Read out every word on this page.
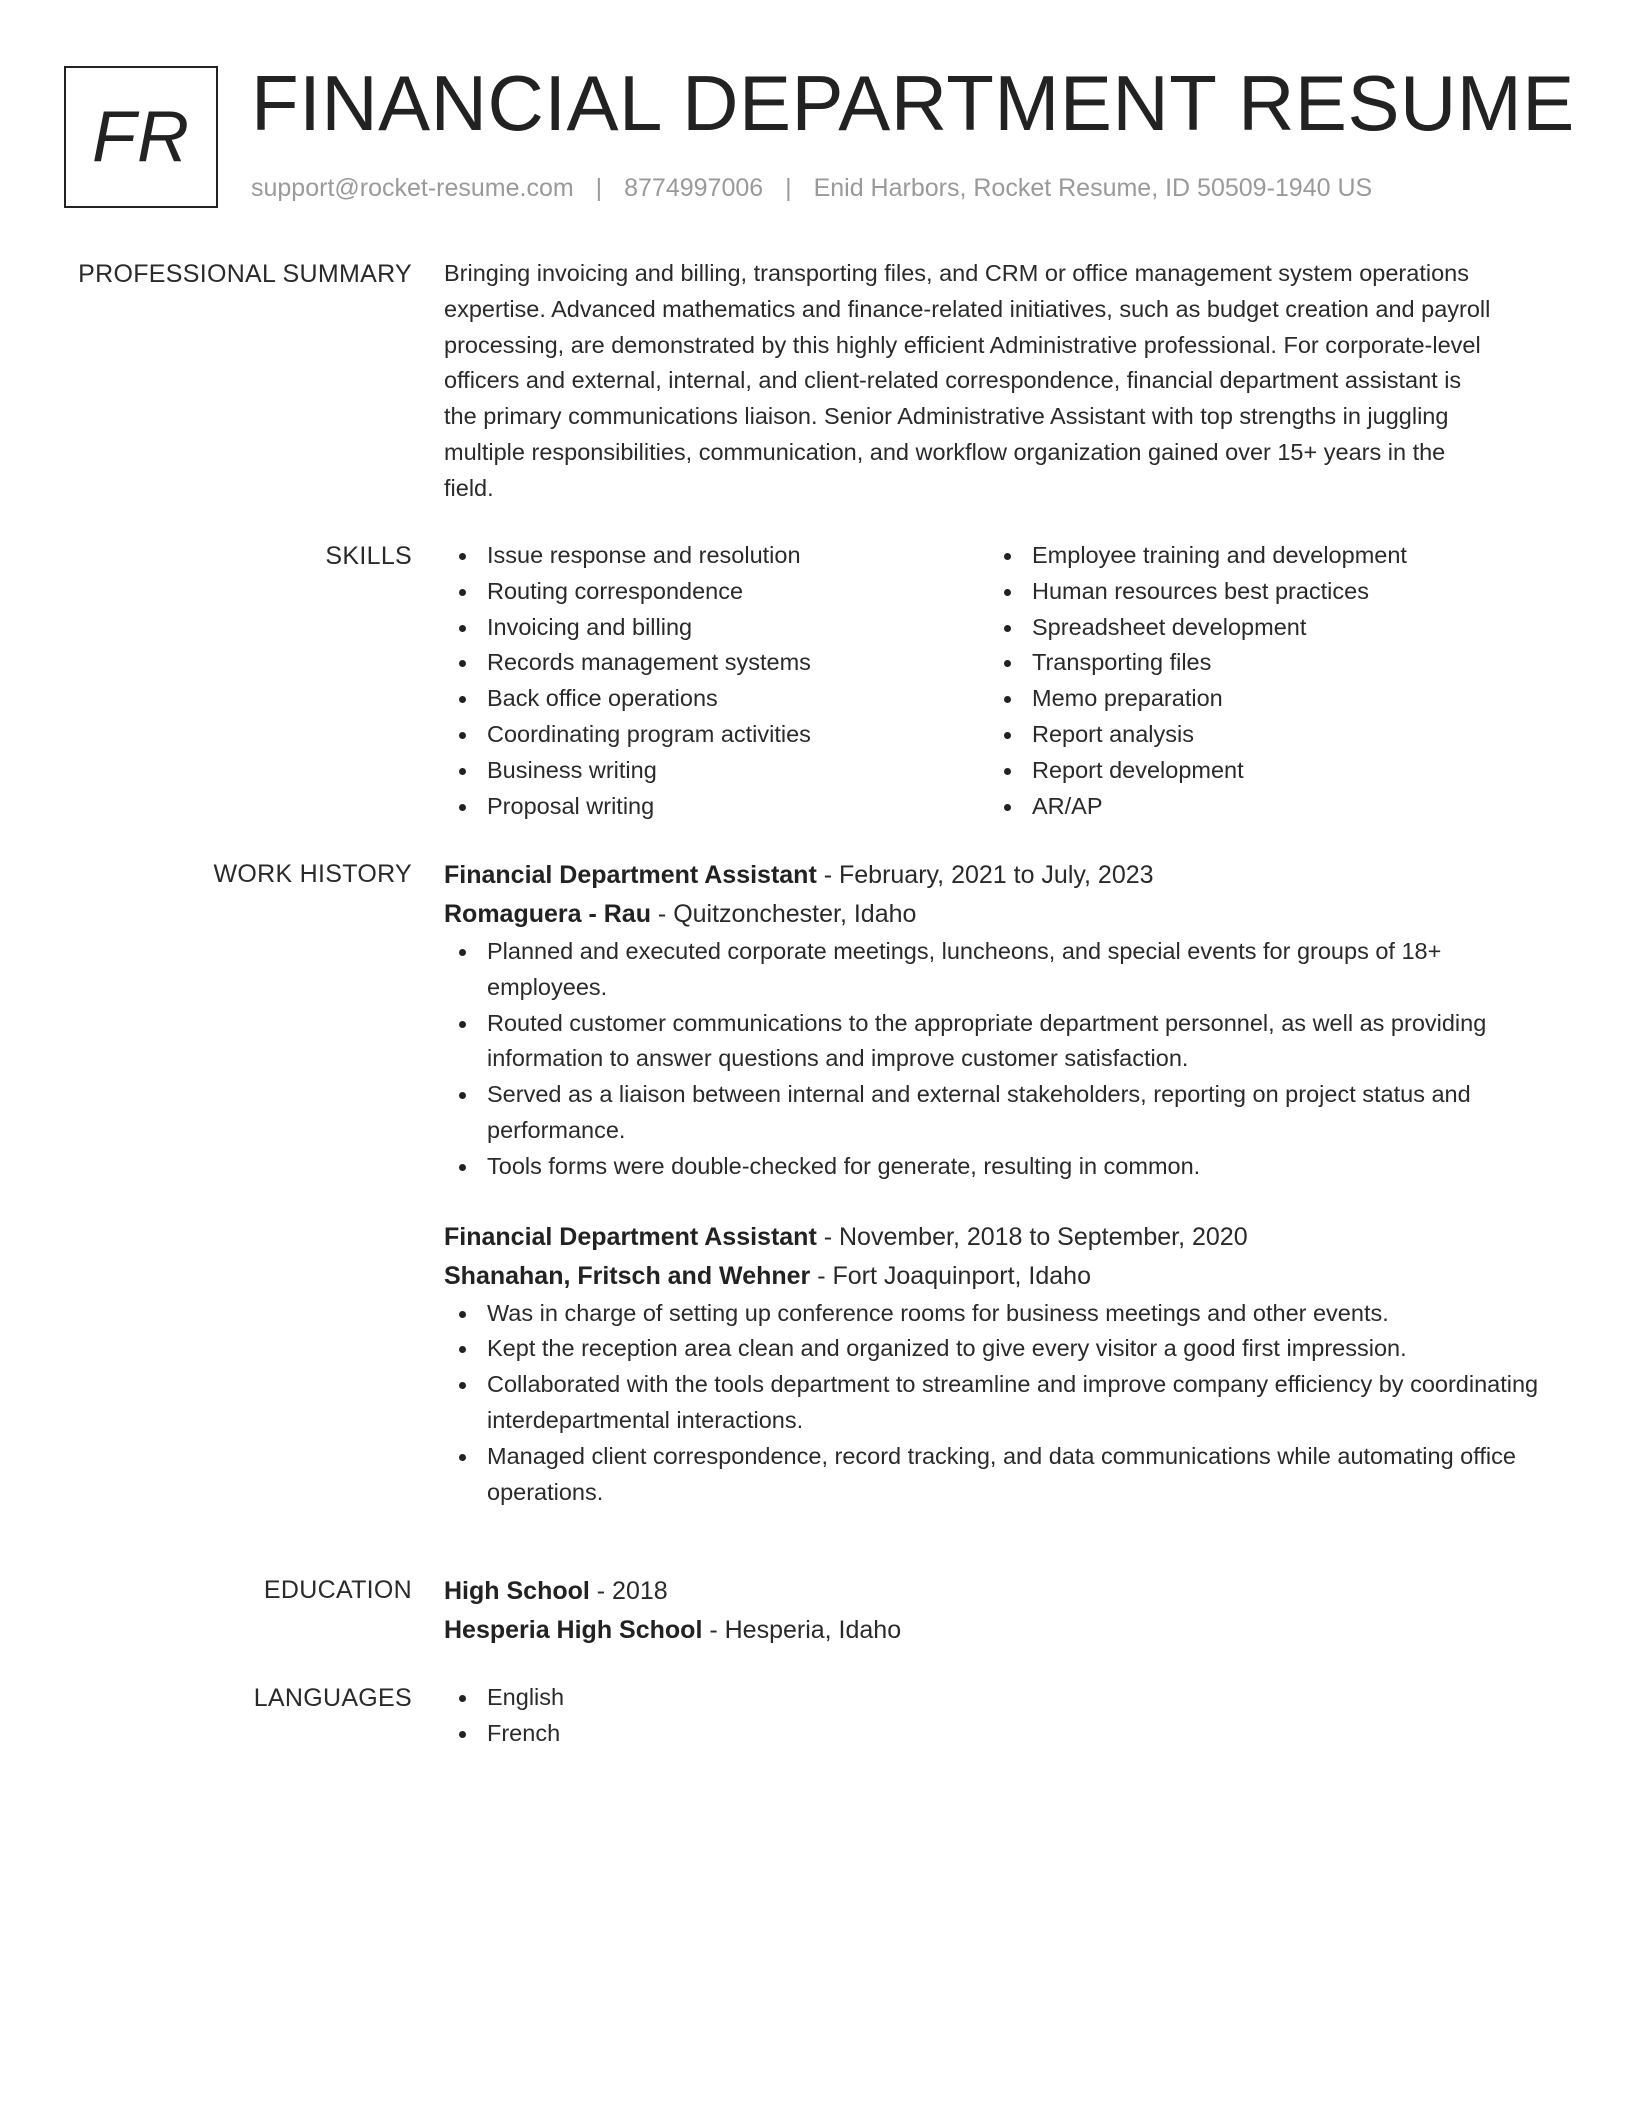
FR FINANCIAL DEPARTMENT RESUME
support@rocket-resume.com | 8774997006 | Enid Harbors, Rocket Resume, ID 50509-1940 US
PROFESSIONAL SUMMARY Bringing invoicing and billing, transporting files, and CRM or office management system operations
expertise. Advanced mathematics and finance-related initiatives, such as budget creation and payroll
processing, are demonstrated by this highly efficient Administrative professional. For corporate-level
officers and external, internal, and client-related correspondence, financial department assistant is
the primary communications liaison. Senior Administrative Assistant with top strengths in juggling
multiple responsibilities, communication, and workflow organization gained over 15+ years in the
field.
SKILLS	Issue response and resolution
Routing correspondence
Invoicing and billing
Records management systems
Back office operations
Coordinating program activities
Business writing
Proposal writing
Employee training and development
Human resources best practices
Spreadsheet development
Transporting files
Memo preparation
Report analysis
Report development
AR/AP
WORK HISTORY Financial Department Assistant - February, 2021 to July, 2023
Romaguera - Rau - Quitzonchester, Idaho
Planned and executed corporate meetings, luncheons, and special events for groups of 18+ employees.
Routed customer communications to the appropriate department personnel, as well as providing information to answer questions and improve customer satisfaction.
Served as a liaison between internal and external stakeholders, reporting on project status and performance.
Tools forms were double-checked for generate, resulting in common.
Financial Department Assistant - November, 2018 to September, 2020
Shanahan, Fritsch and Wehner - Fort Joaquinport, Idaho
Was in charge of setting up conference rooms for business meetings and other events.
Kept the reception area clean and organized to give every visitor a good first impression.
Collaborated with the tools department to streamline and improve company efficiency by coordinating interdepartmental interactions.
Managed client correspondence, record tracking, and data communications while automating office operations.
EDUCATION High School - 2018
Hesperia High School - Hesperia, Idaho
LANGUAGES	English
French
